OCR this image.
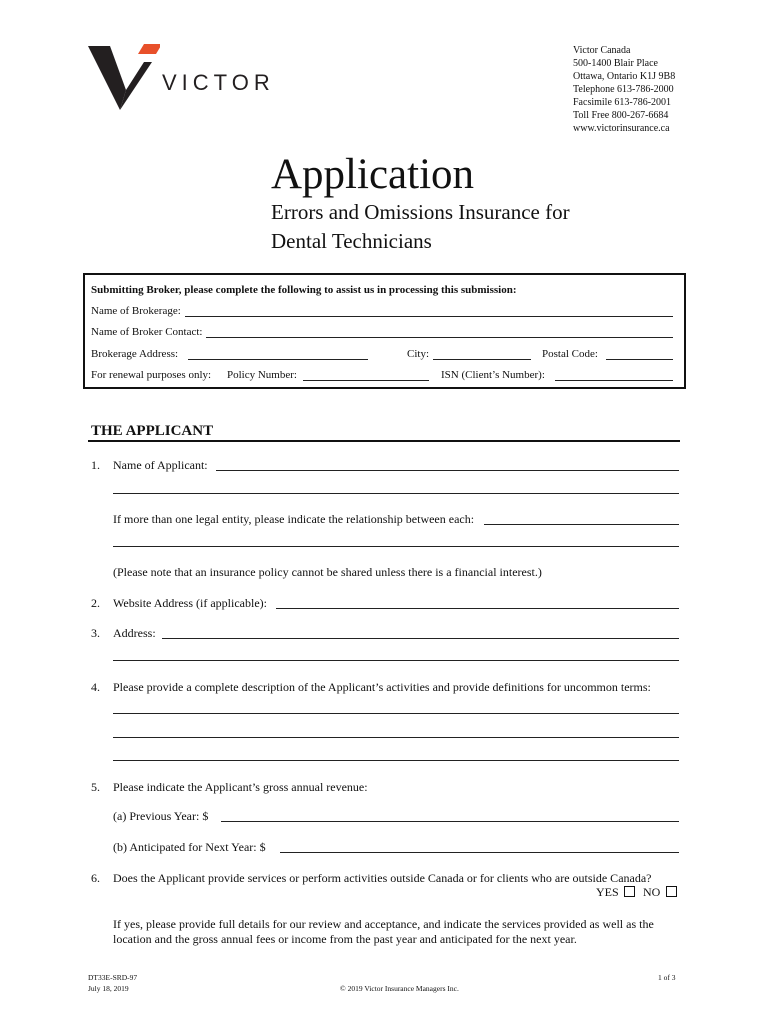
VICTOR
Victor Canada
500-1400 Blair Place
Ottawa, Ontario K1J 9B8
Telephone 613-786-2000
Facsimile 613-786-2001
Toll Free 800-267-6684
www.victorinsurance.ca
Application
Errors and Omissions Insurance for
Dental Technicians
Submitting Broker, please complete the following to assist us in processing this submission:
Name of Brokerage:
Name of Broker Contact:
Brokerage Address:	City:	Postal Code:
For renewal purposes only: Policy Number:	ISN (Client’s Number):
THE APPLICANT
1. Name of Applicant:
If more than one legal entity, please indicate the relationship between each:
(Please note that an insurance policy cannot be shared unless there is a financial interest.)
2. Website Address (if applicable):
3. Address:
4. Please provide a complete description of the Applicant’s activities and provide definitions for uncommon terms:
5. Please indicate the Applicant’s gross annual revenue:
(a) Previous Year: $
(b) Anticipated for Next Year: $
6. Does the Applicant provide services or perform activities outside Canada or for clients who are outside Canada?
YES NO
If yes, please provide full details for our review and acceptance, and indicate the services provided as well as the
location and the gross annual fees or income from the past year and anticipated for the next year.
DT33E-SRD-97
July 18, 2019	© 2019 Victor Insurance Managers Inc.
1 of 3
